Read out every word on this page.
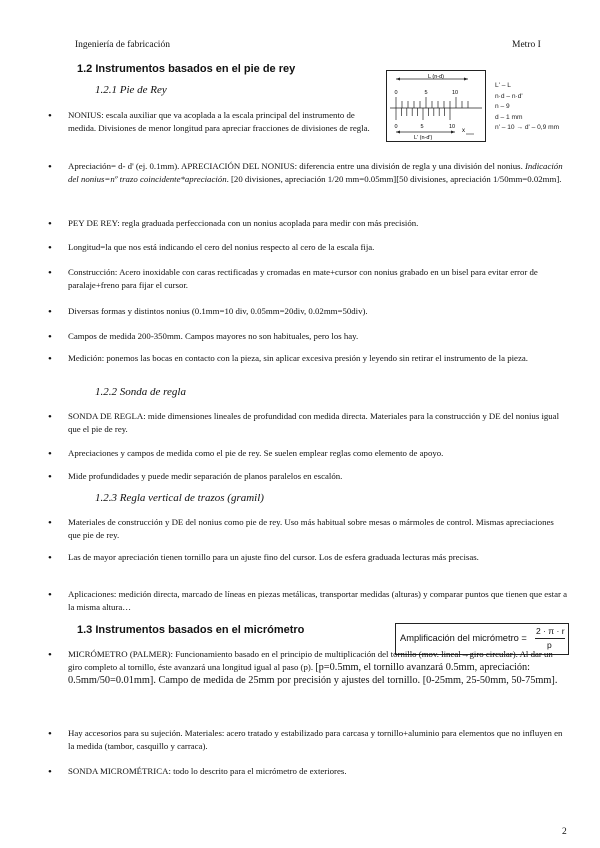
Ingeniería de fabricación	Metro I
1.2 Instrumentos basados en el pie de rey
1.2.1 Pie de Rey
L (n-d)
0	5	10
0	5	10
L' (n-d')
x
L' – L
n·d – n·d'
n – 9
d – 1 mm
n' – 10 → d' – 0,9 mm
• NONIUS: escala auxiliar que va acoplada a la escala principal del instrumento de medida. Divisiones de menor longitud para apreciar fracciones de divisiones de regla.
• Apreciación= d- d' (ej. 0.1mm). APRECIACIÓN DEL NONIUS: diferencia entre una división de regla y una división del nonius. Indicación del nonius=nº trazo coincidente*apreciación. [20 divisiones, apreciación 1/20 mm=0.05mm][50 divisiones, apreciación 1/50mm=0.02mm].
• PEY DE REY: regla graduada perfeccionada con un nonius acoplada para medir con más precisión.
• Longitud=la que nos está indicando el cero del nonius respecto al cero de la escala fija.
• Construcción: Acero inoxidable con caras rectificadas y cromadas en mate+cursor con nonius grabado en un bisel para evitar error de paralaje+freno para fijar el cursor.
• Diversas formas y distintos nonius (0.1mm=10 div, 0.05mm=20div, 0.02mm=50div).
• Campos de medida 200-350mm. Campos mayores no son habituales, pero los hay.
• Medición: ponemos las bocas en contacto con la pieza, sin aplicar excesiva presión y leyendo sin retirar el instrumento de la pieza.
1.2.2 Sonda de regla
• SONDA DE REGLA: mide dimensiones lineales de profundidad con medida directa. Materiales para la construcción y DE del nonius igual que el pie de rey.
• Apreciaciones y campos de medida como el pie de rey. Se suelen emplear reglas como elemento de apoyo.
• Mide profundidades y puede medir separación de planos paralelos en escalón.
1.2.3 Regla vertical de trazos (gramil)
• Materiales de construcción y DE del nonius como pie de rey. Uso más habitual sobre mesas o mármoles de control. Mismas apreciaciones que pie de rey.
• Las de mayor apreciación tienen tornillo para un ajuste fino del cursor. Los de esfera graduada lecturas más precisas.
• Aplicaciones: medición directa, marcado de líneas en piezas metálicas, transportar medidas (alturas) y comparar puntos que tienen que estar a la misma altura…
1.3 Instrumentos basados en el micrómetro
Amplificación del micrómetro =
2 · π · r
p
• MICRÓMETRO (PALMER): Funcionamiento basado en el principio de multiplicación del tornillo (mov. lineal→giro circular). Al dar un giro completo al tornillo, éste avanzará una longitud igual al paso (p). [p=0.5mm, el tornillo avanzará 0.5mm, apreciación: 0.5mm/50=0.01mm]. Campo de medida de 25mm por precisión y ajustes del tornillo. [0-25mm, 25-50mm, 50-75mm].
• Hay accesorios para su sujeción. Materiales: acero tratado y estabilizado para carcasa y tornillo+aluminio para elementos que no influyen en la medida (tambor, casquillo y carraca).
• SONDA MICROMÉTRICA: todo lo descrito para el micrómetro de exteriores.
2
